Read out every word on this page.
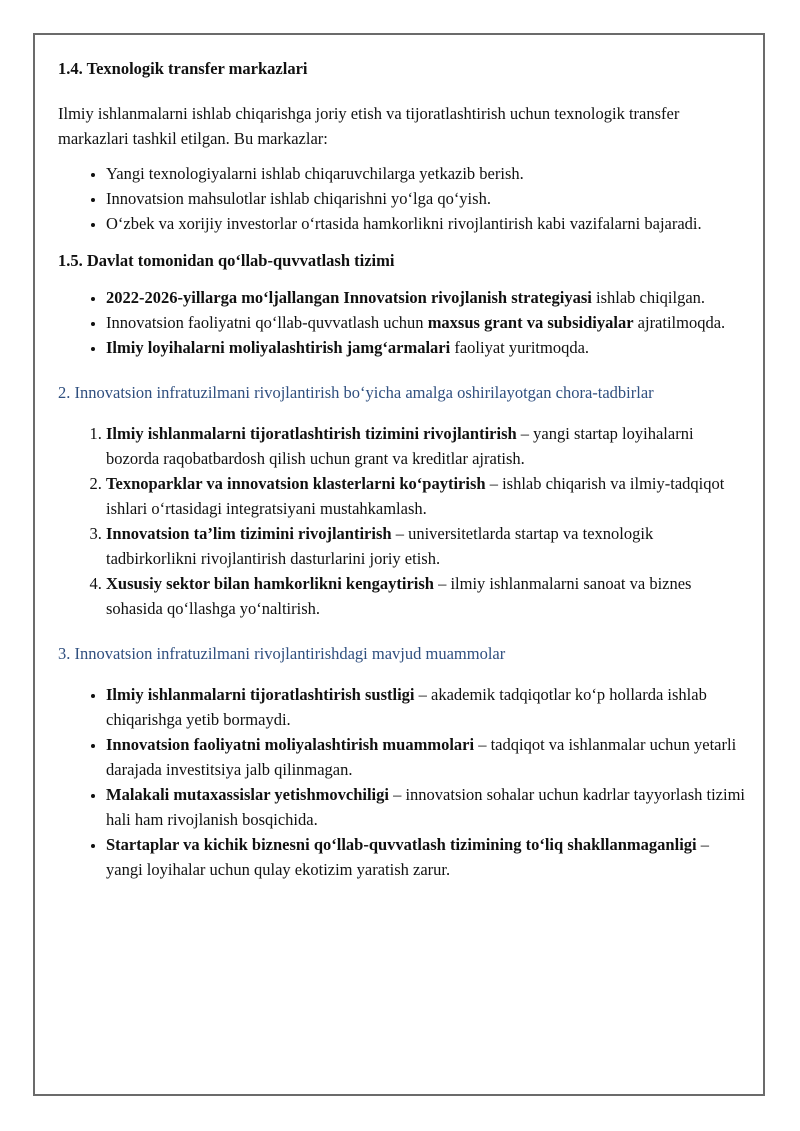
1.4. Texnologik transfer markazlari

Ilmiy ishlanmalarni ishlab chiqarishga joriy etish va tijoratlashtirish uchun texnologik transfer markazlari tashkil etilgan. Bu markazlar:

• Yangi texnologiyalarni ishlab chiqaruvchilarga yetkazib berish.
• Innovatsion mahsulotlar ishlab chiqarishni yo‘lga qo‘yish.
• O‘zbek va xorijiy investorlar o‘rtasida hamkorlikni rivojlantirish kabi vazifalarni bajaradi.
1.5. Davlat tomonidan qo‘llab-quvvatlash tizimi
• 2022-2026-yillarga mo‘ljallangan Innovatsion rivojlanish strategiyasi ishlab chiqilgan.
• Innovatsion faoliyatni qo‘llab-quvvatlash uchun maxsus grant va subsidiyalar ajratilmoqda.
• Ilmiy loyihalarni moliyalashtirish jamg‘armalari faoliyat yuritmoqda.
2. Innovatsion infratuzilmani rivojlantirish bo‘yicha amalga oshirilayotgan chora-tadbirlar
1. Ilmiy ishlanmalarni tijoratlashtirish tizimini rivojlantirish – yangi startap loyihalarni bozorda raqobatbardosh qilish uchun grant va kreditlar ajratish.
2. Texnoparklar va innovatsion klasterlarni ko‘paytirish – ishlab chiqarish va ilmiy-tadqiqot ishlari o‘rtasidagi integratsiyani mustahkamlash.
3. Innovatsion ta’lim tizimini rivojlantirish – universitetlarda startap va texnologik tadbirkorlikni rivojlantirish dasturlarini joriy etish.
4. Xususiy sektor bilan hamkorlikni kengaytirish – ilmiy ishlanmalarni sanoat va biznes sohasida qo‘llashga yo‘naltirish.
3. Innovatsion infratuzilmani rivojlantirishdagi mavjud muammolar
• Ilmiy ishlanmalarni tijoratlashtirish sustligi – akademik tadqiqotlar ko‘p hollarda ishlab chiqarishga yetib bormaydi.
• Innovatsion faoliyatni moliyalashtirish muammolari – tadqiqot va ishlanmalar uchun yetarli darajada investitsiya jalb qilinmagan.
• Malakali mutaxassislar yetishmovchiligi – innovatsion sohalar uchun kadrlar tayyorlash tizimi hali ham rivojlanish bosqichida.
• Startaplar va kichik biznesni qo‘llab-quvvatlash tizimining to‘liq shakllanmaganligi – yangi loyihalar uchun qulay ekotizim yaratish zarur.
